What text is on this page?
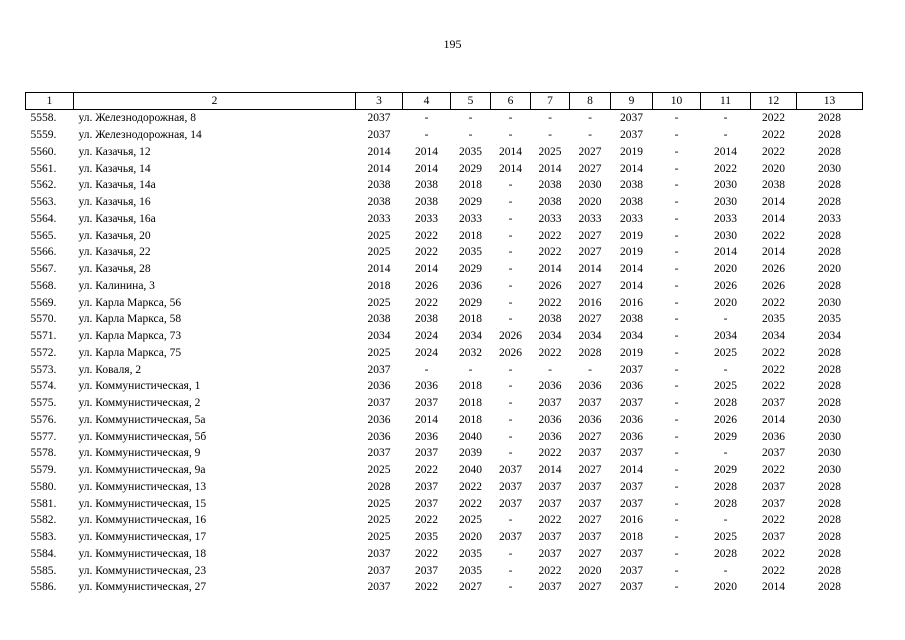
195
1	2	3	4	5	6	7	8	9	10	11	12	13
5558.	ул. Железнодорожная, 8	2037	-	-	-	-	-	2037	-	-	2022	2028
5559.	ул. Железнодорожная, 14	2037	-	-	-	-	-	2037	-	-	2022	2028
5560.	ул. Казачья, 12	2014	2014	2035	2014	2025	2027	2019	-	2014	2022	2028
5561.	ул. Казачья, 14	2014	2014	2029	2014	2014	2027	2014	-	2022	2020	2030
5562.	ул. Казачья, 14а	2038	2038	2018	-	2038	2030	2038	-	2030	2038	2028
5563.	ул. Казачья, 16	2038	2038	2029	-	2038	2020	2038	-	2030	2014	2028
5564.	ул. Казачья, 16а	2033	2033	2033	-	2033	2033	2033	-	2033	2014	2033
5565.	ул. Казачья, 20	2025	2022	2018	-	2022	2027	2019	-	2030	2022	2028
5566.	ул. Казачья, 22	2025	2022	2035	-	2022	2027	2019	-	2014	2014	2028
5567.	ул. Казачья, 28	2014	2014	2029	-	2014	2014	2014	-	2020	2026	2020
5568.	ул. Калинина, 3	2018	2026	2036	-	2026	2027	2014	-	2026	2026	2028
5569.	ул. Карла Маркса, 56	2025	2022	2029	-	2022	2016	2016	-	2020	2022	2030
5570.	ул. Карла Маркса, 58	2038	2038	2018	-	2038	2027	2038	-	-	2035	2035
5571.	ул. Карла Маркса, 73	2034	2024	2034	2026	2034	2034	2034	-	2034	2034	2034
5572.	ул. Карла Маркса, 75	2025	2024	2032	2026	2022	2028	2019	-	2025	2022	2028
5573.	ул. Коваля, 2	2037	-	-	-	-	-	2037	-	-	2022	2028
5574.	ул. Коммунистическая, 1	2036	2036	2018	-	2036	2036	2036	-	2025	2022	2028
5575.	ул. Коммунистическая, 2	2037	2037	2018	-	2037	2037	2037	-	2028	2037	2028
5576.	ул. Коммунистическая, 5а	2036	2014	2018	-	2036	2036	2036	-	2026	2014	2030
5577.	ул. Коммунистическая, 5б	2036	2036	2040	-	2036	2027	2036	-	2029	2036	2030
5578.	ул. Коммунистическая, 9	2037	2037	2039	-	2022	2037	2037	-	-	2037	2030
5579.	ул. Коммунистическая, 9а	2025	2022	2040	2037	2014	2027	2014	-	2029	2022	2030
5580.	ул. Коммунистическая, 13	2028	2037	2022	2037	2037	2037	2037	-	2028	2037	2028
5581.	ул. Коммунистическая, 15	2025	2037	2022	2037	2037	2037	2037	-	2028	2037	2028
5582.	ул. Коммунистическая, 16	2025	2022	2025	-	2022	2027	2016	-	-	2022	2028
5583.	ул. Коммунистическая, 17	2025	2035	2020	2037	2037	2037	2018	-	2025	2037	2028
5584.	ул. Коммунистическая, 18	2037	2022	2035	-	2037	2027	2037	-	2028	2022	2028
5585.	ул. Коммунистическая, 23	2037	2037	2035	-	2022	2020	2037	-	-	2022	2028
5586.	ул. Коммунистическая, 27	2037	2022	2027	-	2037	2027	2037	-	2020	2014	2028
